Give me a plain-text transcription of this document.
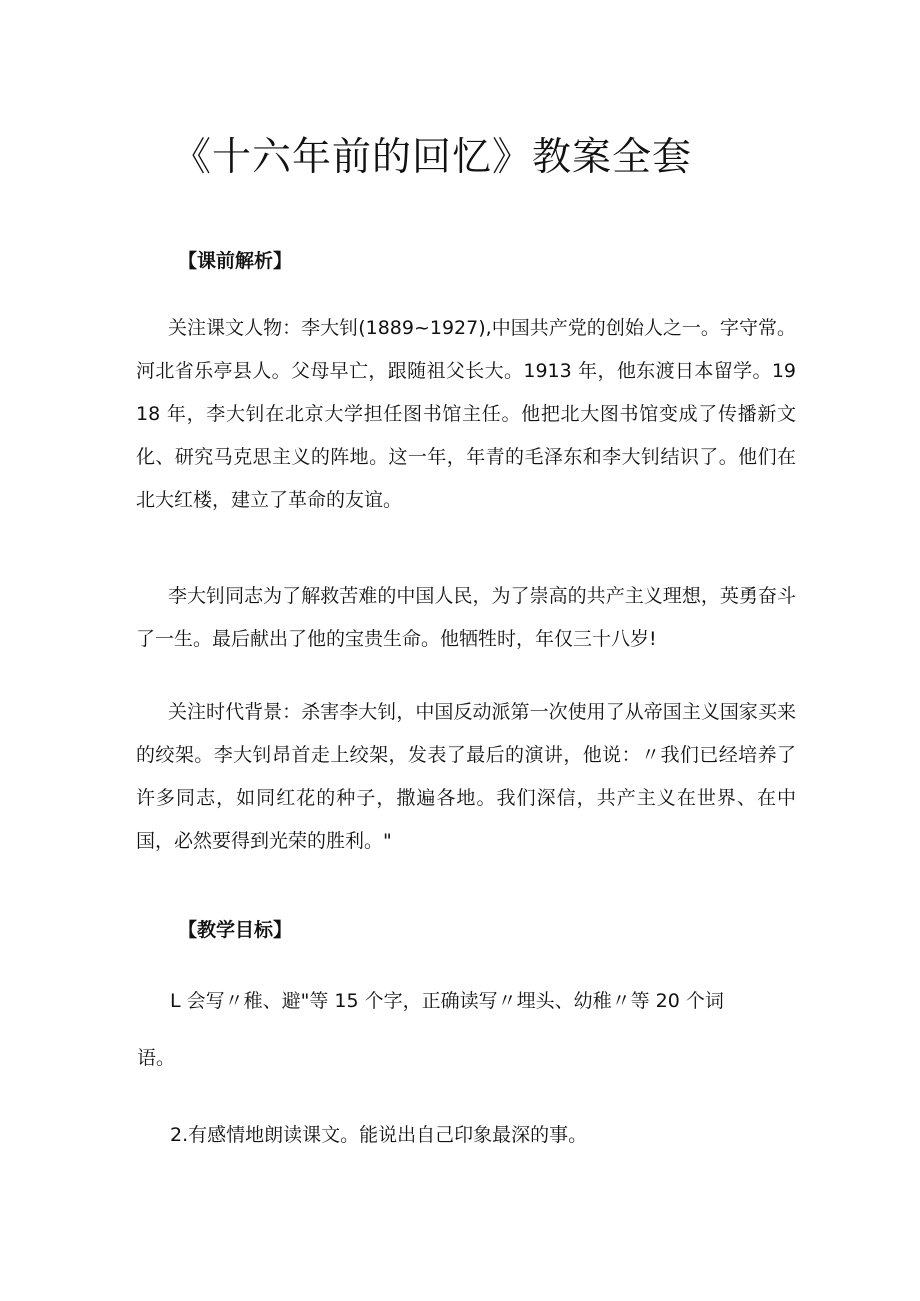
《十六年前的回忆》教案全套
【课前解析】
关注课文人物：李大钊(1889~1927),中国共产党的创始人之一。字守常。河北省乐亭县人。父母早亡，跟随祖父长大。1913 年，他东渡日本留学。1918 年，李大钊在北京大学担任图书馆主任。他把北大图书馆变成了传播新文化、研究马克思主义的阵地。这一年，年青的毛泽东和李大钊结识了。他们在北大红楼，建立了革命的友谊。
李大钊同志为了解救苦难的中国人民，为了崇高的共产主义理想，英勇奋斗了一生。最后献出了他的宝贵生命。他牺牲时，年仅三十八岁!
关注时代背景：杀害李大钊，中国反动派第一次使用了从帝国主义国家买来的绞架。李大钊昂首走上绞架，发表了最后的演讲，他说：〃我们已经培养了许多同志，如同红花的种子，撒遍各地。我们深信，共产主义在世界、在中国，必然要得到光荣的胜利。"
【教学目标】
L 会写〃稚、避"等 15 个字，正确读写〃埋头、幼稚〃等 20 个词
语。
2.有感情地朗读课文。能说出自己印象最深的事。
